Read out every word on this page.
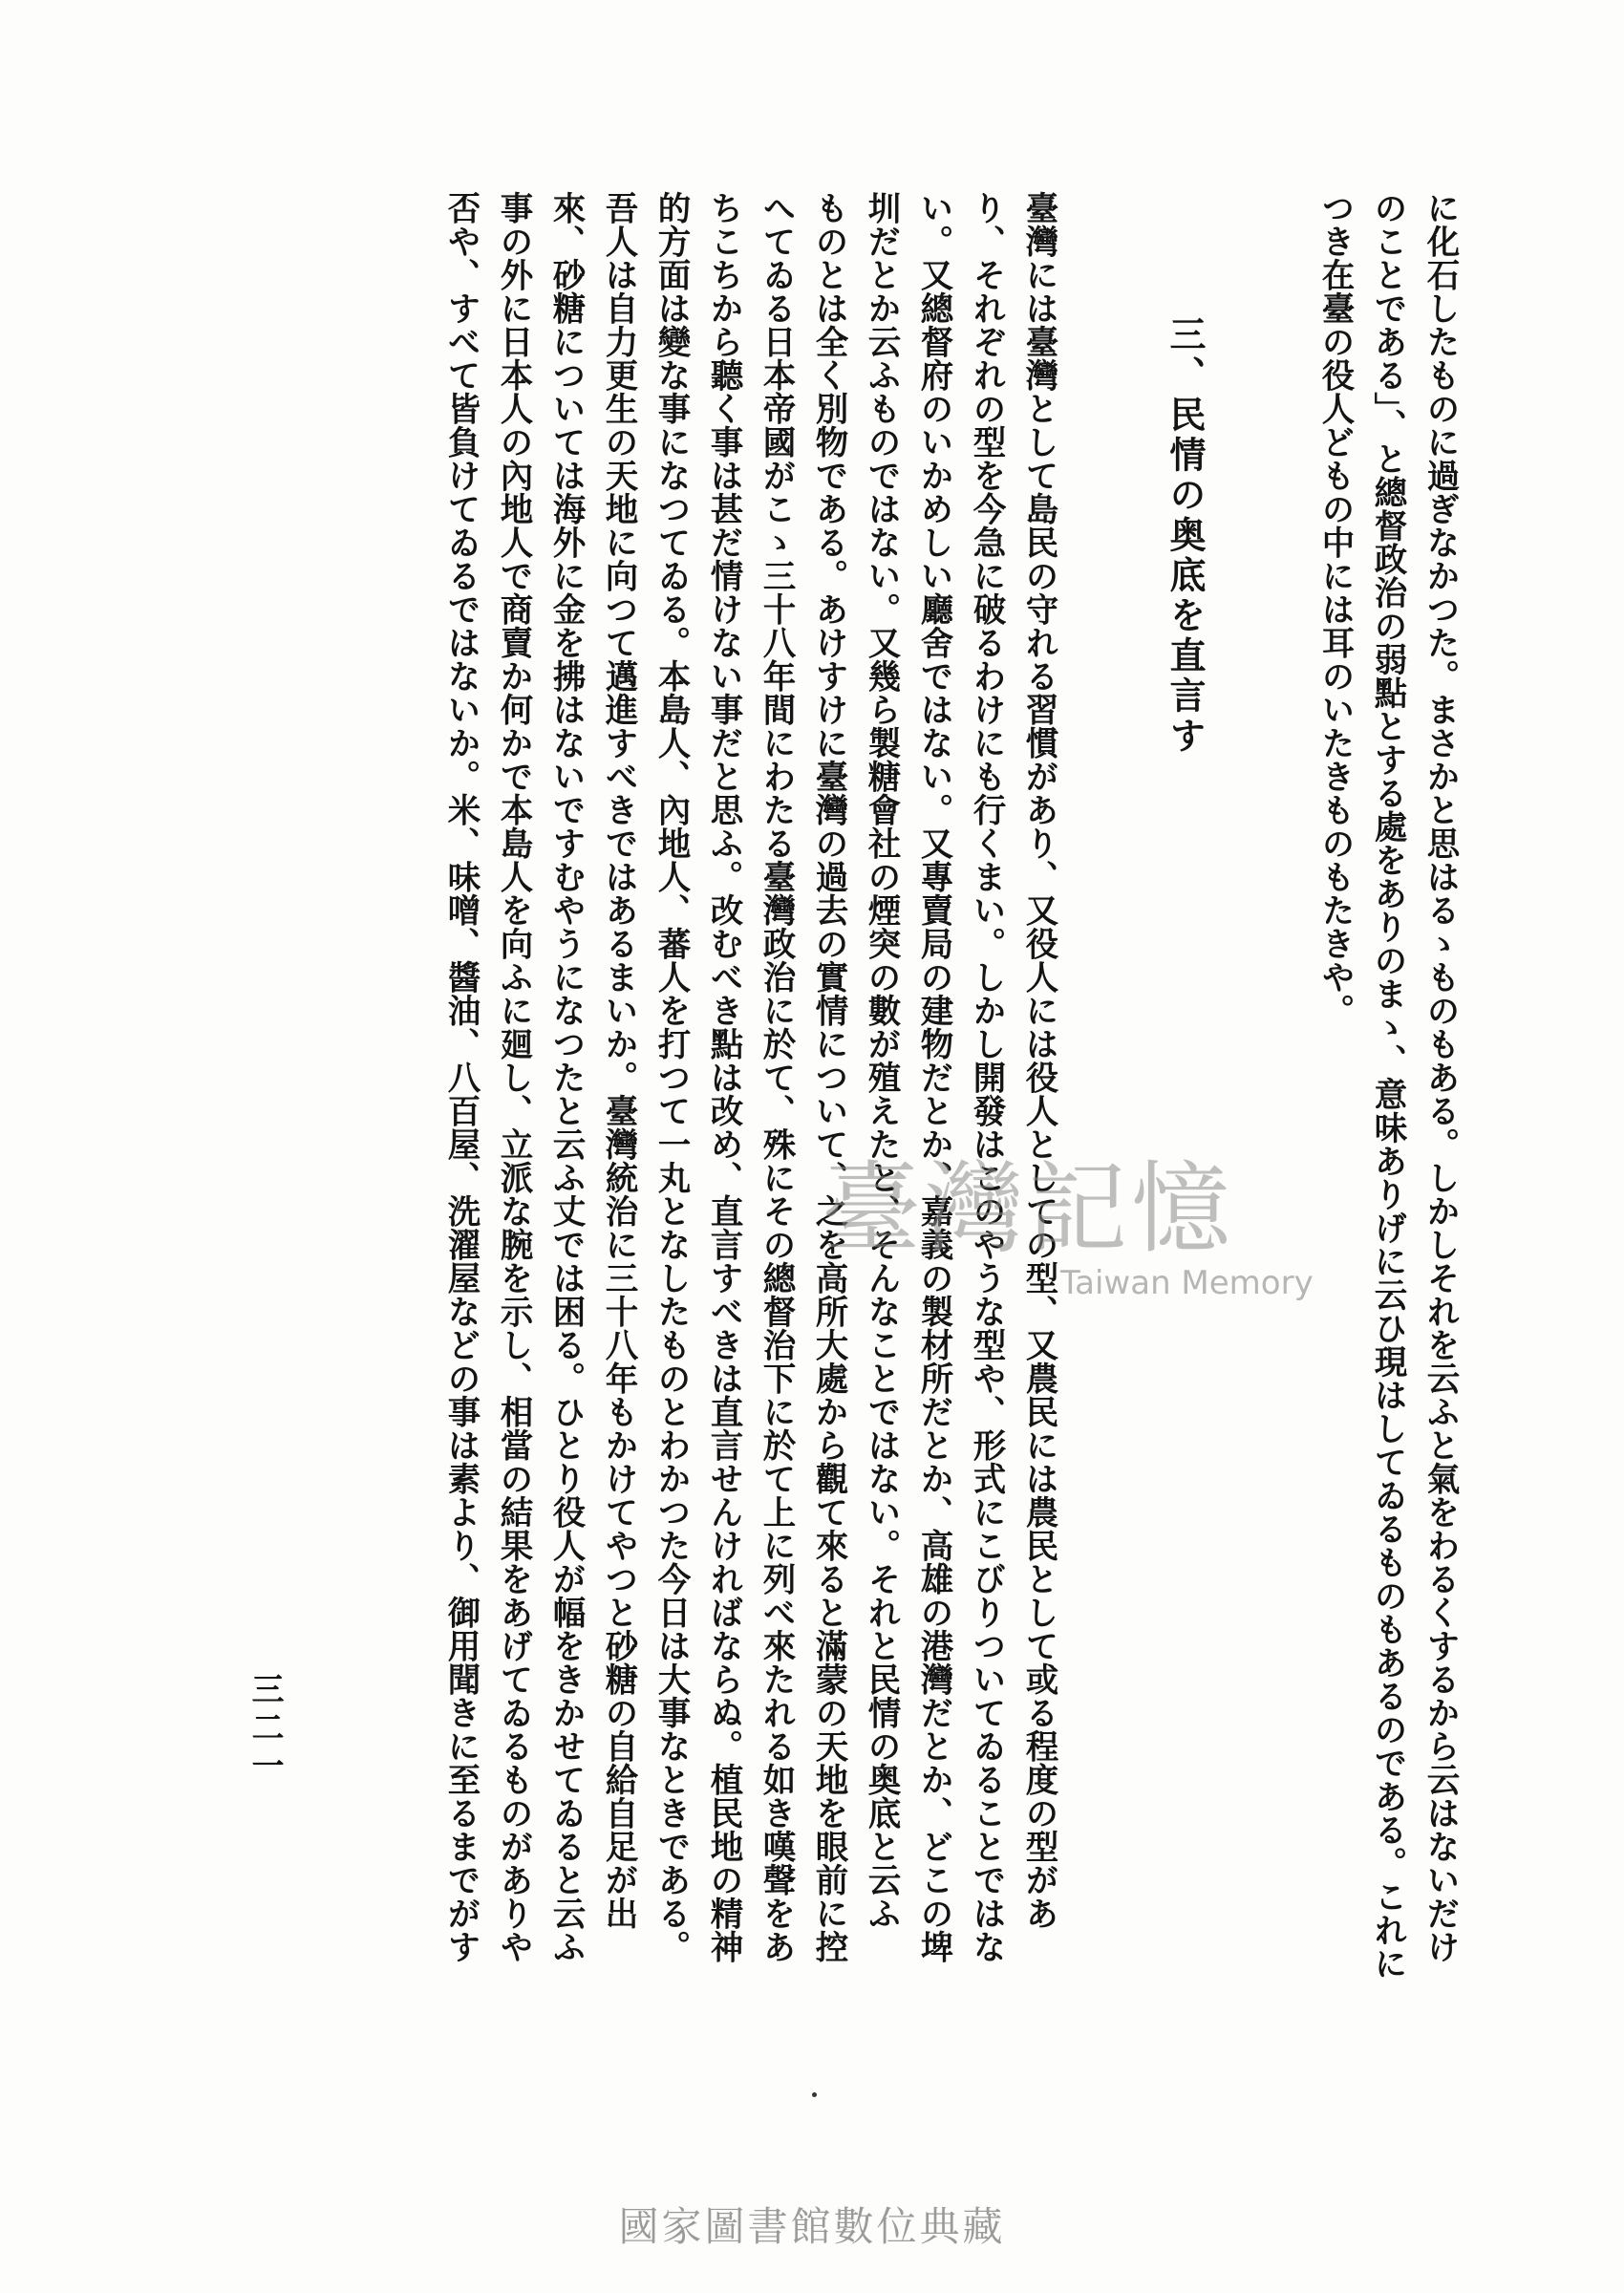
に化石したものに過ぎなかつた。まさかと思はるゝものもある。しかしそれを云ふと氣をわるくするから云はないだけ
のことである」、と總督政治の弱點とする處をありのまゝ、意味ありげに云ひ現はしてゐるものもあるのである。これに
つき在臺の役人どもの中には耳のいたきものもたきや。
三、民情の奥底を直言す
臺灣には臺灣として島民の守れる習慣があり、又役人には役人としての型、又農民には農民として或る程度の型があ
り、それぞれの型を今急に破るわけにも行くまい。しかし開發はこのやうな型や、形式にこびりついてゐることではな
い。又總督府のいかめしい廳舍ではない。又專賣局の建物だとか、嘉義の製材所だとか、高雄の港灣だとか、どこの埤
圳だとか云ふものではない。又幾ら製糖會社の煙突の數が殖えたと、そんなことではない。それと民情の奥底と云ふ
ものとは全く別物である。あけすけに臺灣の過去の實情について、之を高所大處から觀て來ると滿蒙の天地を眼前に控
へてゐる日本帝國がこゝ三十八年間にわたる臺灣政治に於て、殊にその總督治下に於て上に列べ來たれる如き嘆聲をあ
ちこちから聽く事は甚だ情けない事だと思ふ。改むべき點は改め、直言すべきは直言せんければならぬ。植民地の精神
的方面は變な事になつてゐる。本島人、內地人、蕃人を打つて一丸となしたものとわかつた今日は大事なときである。
吾人は自力更生の天地に向つて邁進すべきではあるまいか。臺灣統治に三十八年もかけてやつと砂糖の自給自足が出
來、砂糖については海外に金を拂はないですむやうになつたと云ふ丈では困る。ひとり役人が幅をきかせてゐると云ふ
事の外に日本人の內地人で商賣か何かで本島人を向ふに廻し、立派な腕を示し、相當の結果をあげてゐるものがありや
否や、すべて皆負けてゐるではないか。米、味噌、醬油、八百屋、洗濯屋などの事は素より、御用聞きに至るまでがす
三二一
臺灣記憶
Taiwan Memory
國家圖書館數位典藏
